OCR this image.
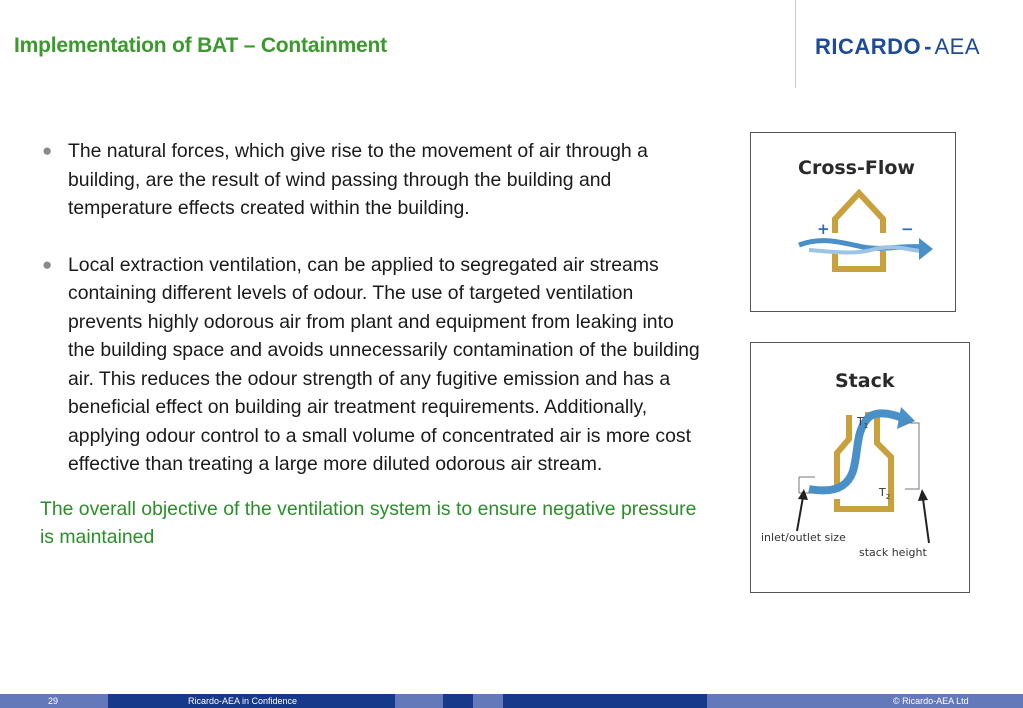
Implementation of BAT – Containment	RICARDO - AEA
● The natural forces, which give rise to the movement of air through a building, are the result of wind passing through the building and temperature effects created within the building.
● Local extraction ventilation, can be applied to segregated air streams containing different levels of odour. The use of targeted ventilation prevents highly odorous air from plant and equipment from leaking into the building space and avoids unnecessarily contamination of the building air. This reduces the odour strength of any fugitive emission and has a beneficial effect on building air treatment requirements. Additionally, applying odour control to a small volume of concentrated air is more cost effective than treating a large more diluted odorous air stream.
The overall objective of the ventilation system is to ensure negative pressure is maintained
Cross-Flow
+	−
Stack
$T_1$
$T_2$
inlet/outlet size
stack height
29	Ricardo-AEA in Confidence	© Ricardo-AEA Ltd
